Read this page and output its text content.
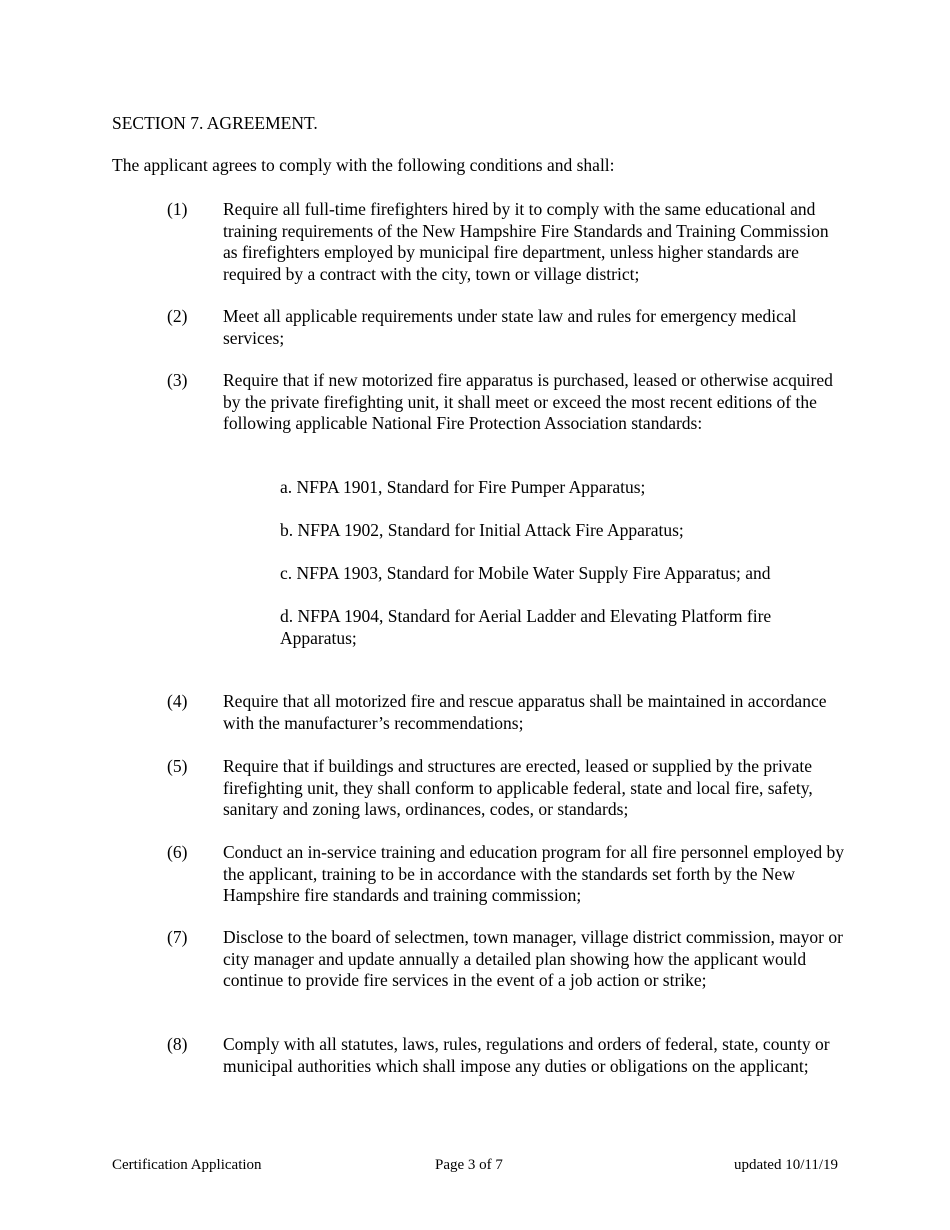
SECTION 7. AGREEMENT.
The applicant agrees to comply with the following conditions and shall:
(1) Require all full-time firefighters hired by it to comply with the same educational and training requirements of the New Hampshire Fire Standards and Training Commission as firefighters employed by municipal fire department, unless higher standards are required by a contract with the city, town or village district;
(2) Meet all applicable requirements under state law and rules for emergency medical services;
(3) Require that if new motorized fire apparatus is purchased, leased or otherwise acquired by the private firefighting unit, it shall meet or exceed the most recent editions of the following applicable National Fire Protection Association standards:
a. NFPA 1901, Standard for Fire Pumper Apparatus;
b. NFPA 1902, Standard for Initial Attack Fire Apparatus;
c. NFPA 1903, Standard for Mobile Water Supply Fire Apparatus; and
d. NFPA 1904, Standard for Aerial Ladder and Elevating Platform fire Apparatus;
(4) Require that all motorized fire and rescue apparatus shall be maintained in accordance with the manufacturer’s recommendations;
(5) Require that if buildings and structures are erected, leased or supplied by the private firefighting unit, they shall conform to applicable federal, state and local fire, safety, sanitary and zoning laws, ordinances, codes, or standards;
(6) Conduct an in-service training and education program for all fire personnel employed by the applicant, training to be in accordance with the standards set forth by the New Hampshire fire standards and training commission;
(7) Disclose to the board of selectmen, town manager, village district commission, mayor or city manager and update annually a detailed plan showing how the applicant would continue to provide fire services in the event of a job action or strike;
(8) Comply with all statutes, laws, rules, regulations and orders of federal, state, county or municipal authorities which shall impose any duties or obligations on the applicant;
Certification Application	Page 3 of 7	updated 10/11/19
